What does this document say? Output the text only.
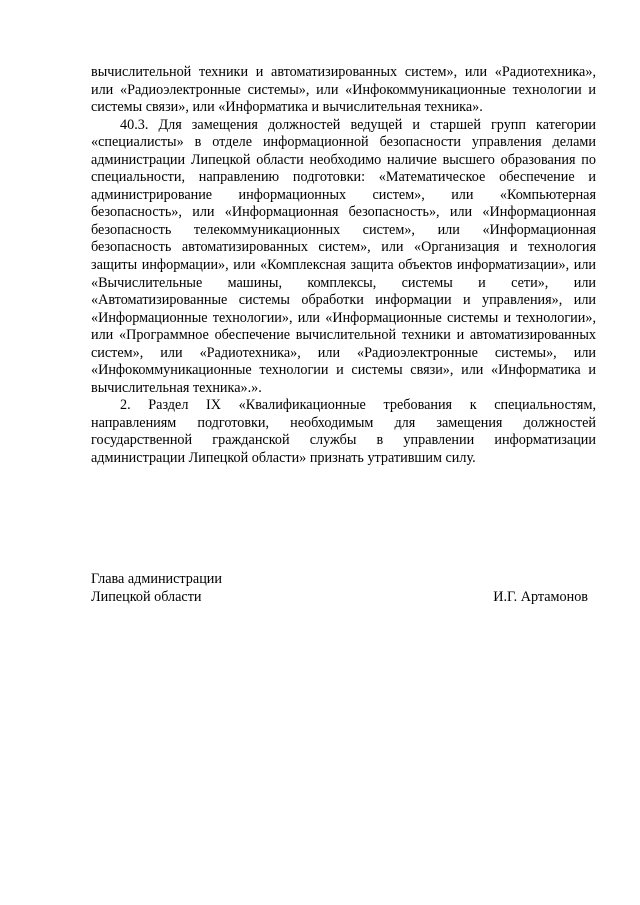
вычислительной техники и автоматизированных систем», или «Радиотехника», или «Радиоэлектронные системы», или «Инфокоммуникационные технологии и системы связи», или «Информатика и вычислительная техника».

40.3. Для замещения должностей ведущей и старшей групп категории «специалисты» в отделе информационной безопасности управления делами администрации Липецкой области необходимо наличие высшего образования по специальности, направлению подготовки: «Математическое обеспечение и администрирование информационных систем», или «Компьютерная безопасность», или «Информационная безопасность», или «Информационная безопасность телекоммуникационных систем», или «Информационная безопасность автоматизированных систем», или «Организация и технология защиты информации», или «Комплексная защита объектов информатизации», или «Вычислительные машины, комплексы, системы и сети», или «Автоматизированные системы обработки информации и управления», или «Информационные технологии», или «Информационные системы и технологии», или «Программное обеспечение вычислительной техники и автоматизированных систем», или «Радиотехника», или «Радиоэлектронные системы», или «Инфокоммуникационные технологии и системы связи», или «Информатика и вычислительная техника».».

2. Раздел IX «Квалификационные требования к специальностям, направлениям подготовки, необходимым для замещения должностей государственной гражданской службы в управлении информатизации администрации Липецкой области» признать утратившим силу.

Глава администрации
Липецкой области	И.Г. Артамонов
